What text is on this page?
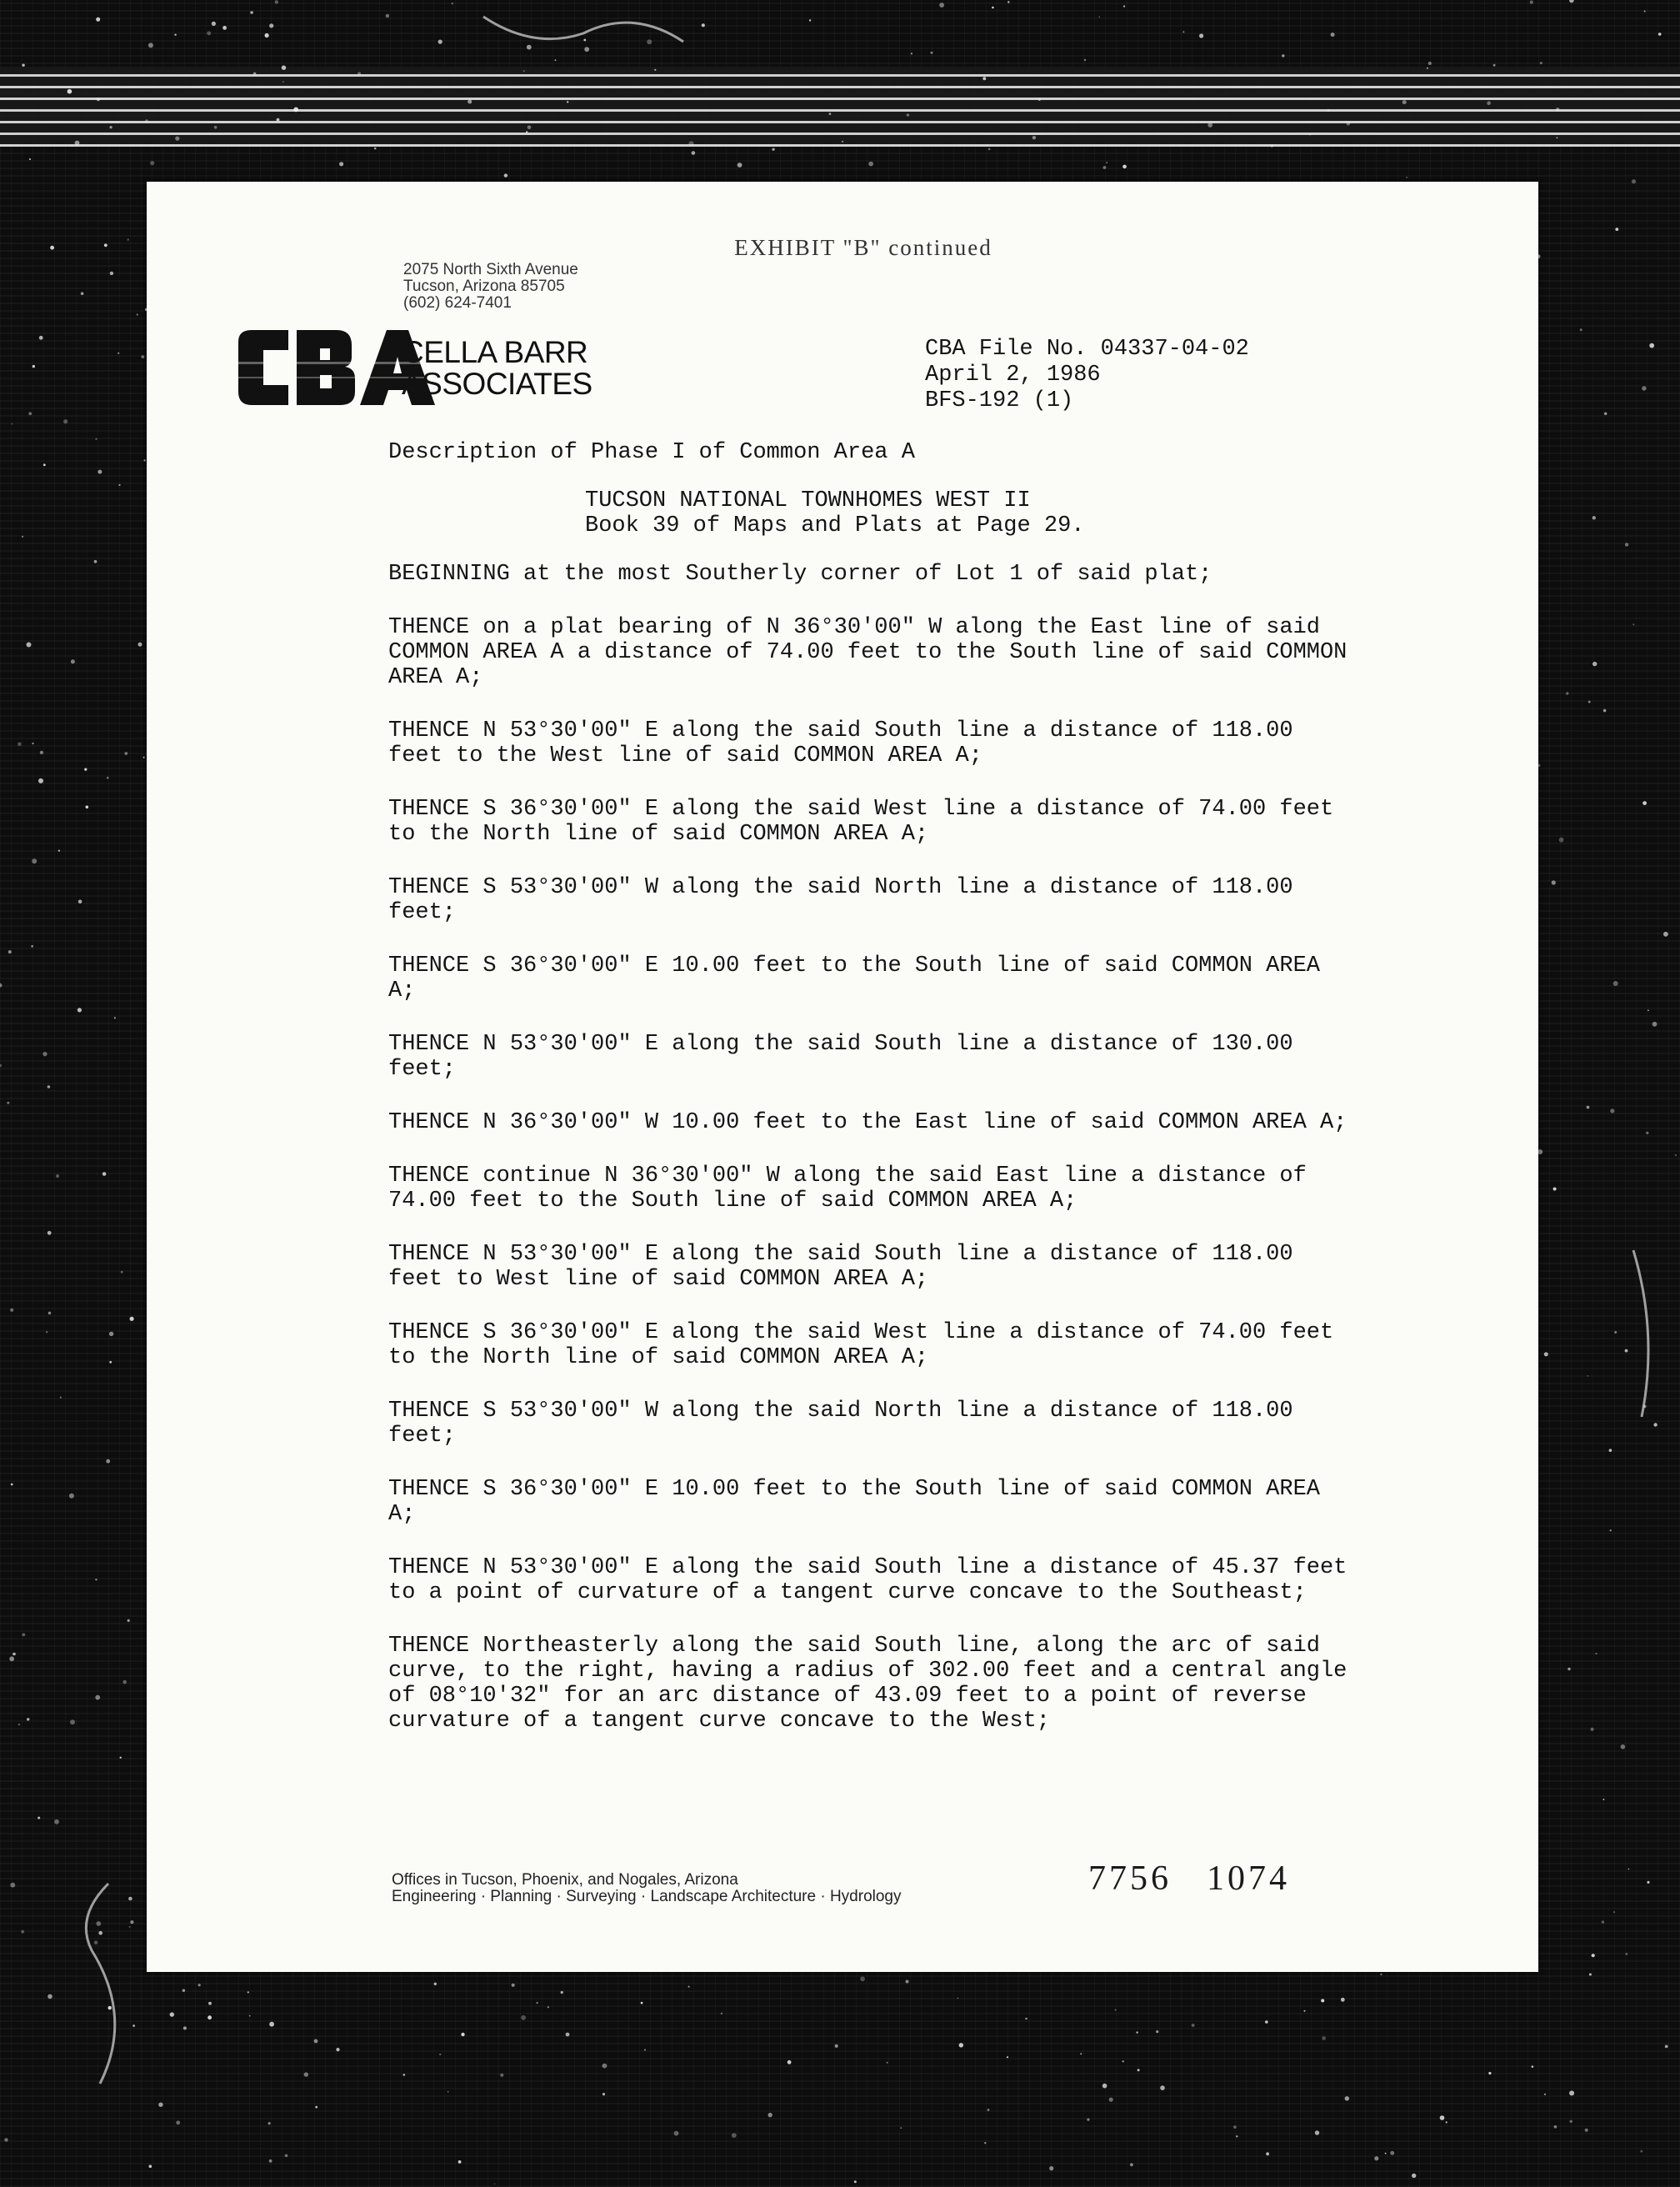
EXHIBIT "B" continued
2075 North Sixth Avenue
Tucson, Arizona 85705
(602) 624-7401
CELLA BARR
ASSOCIATES
CBA File No. 04337-04-02
April 2, 1986
BFS-192 (1)
Description of Phase I of Common Area A
TUCSON NATIONAL TOWNHOMES WEST II
Book 39 of Maps and Plats at Page 29.
BEGINNING at the most Southerly corner of Lot 1 of said plat;
THENCE on a plat bearing of N 36°30'00" W along the East line of said
COMMON AREA A a distance of 74.00 feet to the South line of said COMMON
AREA A;
THENCE N 53°30'00" E along the said South line a distance of 118.00
feet to the West line of said COMMON AREA A;
THENCE S 36°30'00" E along the said West line a distance of 74.00 feet
to the North line of said COMMON AREA A;
THENCE S 53°30'00" W along the said North line a distance of 118.00
feet;
THENCE S 36°30'00" E 10.00 feet to the South line of said COMMON AREA
A;
THENCE N 53°30'00" E along the said South line a distance of 130.00
feet;
THENCE N 36°30'00" W 10.00 feet to the East line of said COMMON AREA A;
THENCE continue N 36°30'00" W along the said East line a distance of
74.00 feet to the South line of said COMMON AREA A;
THENCE N 53°30'00" E along the said South line a distance of 118.00
feet to West line of said COMMON AREA A;
THENCE S 36°30'00" E along the said West line a distance of 74.00 feet
to the North line of said COMMON AREA A;
THENCE S 53°30'00" W along the said North line a distance of 118.00
feet;
THENCE S 36°30'00" E 10.00 feet to the South line of said COMMON AREA
A;
THENCE N 53°30'00" E along the said South line a distance of 45.37 feet
to a point of curvature of a tangent curve concave to the Southeast;
THENCE Northeasterly along the said South line, along the arc of said
curve, to the right, having a radius of 302.00 feet and a central angle
of 08°10'32" for an arc distance of 43.09 feet to a point of reverse
curvature of a tangent curve concave to the West;
Offices in Tucson, Phoenix, and Nogales, Arizona
Engineering · Planning · Surveying · Landscape Architecture · Hydrology	7756 1074
